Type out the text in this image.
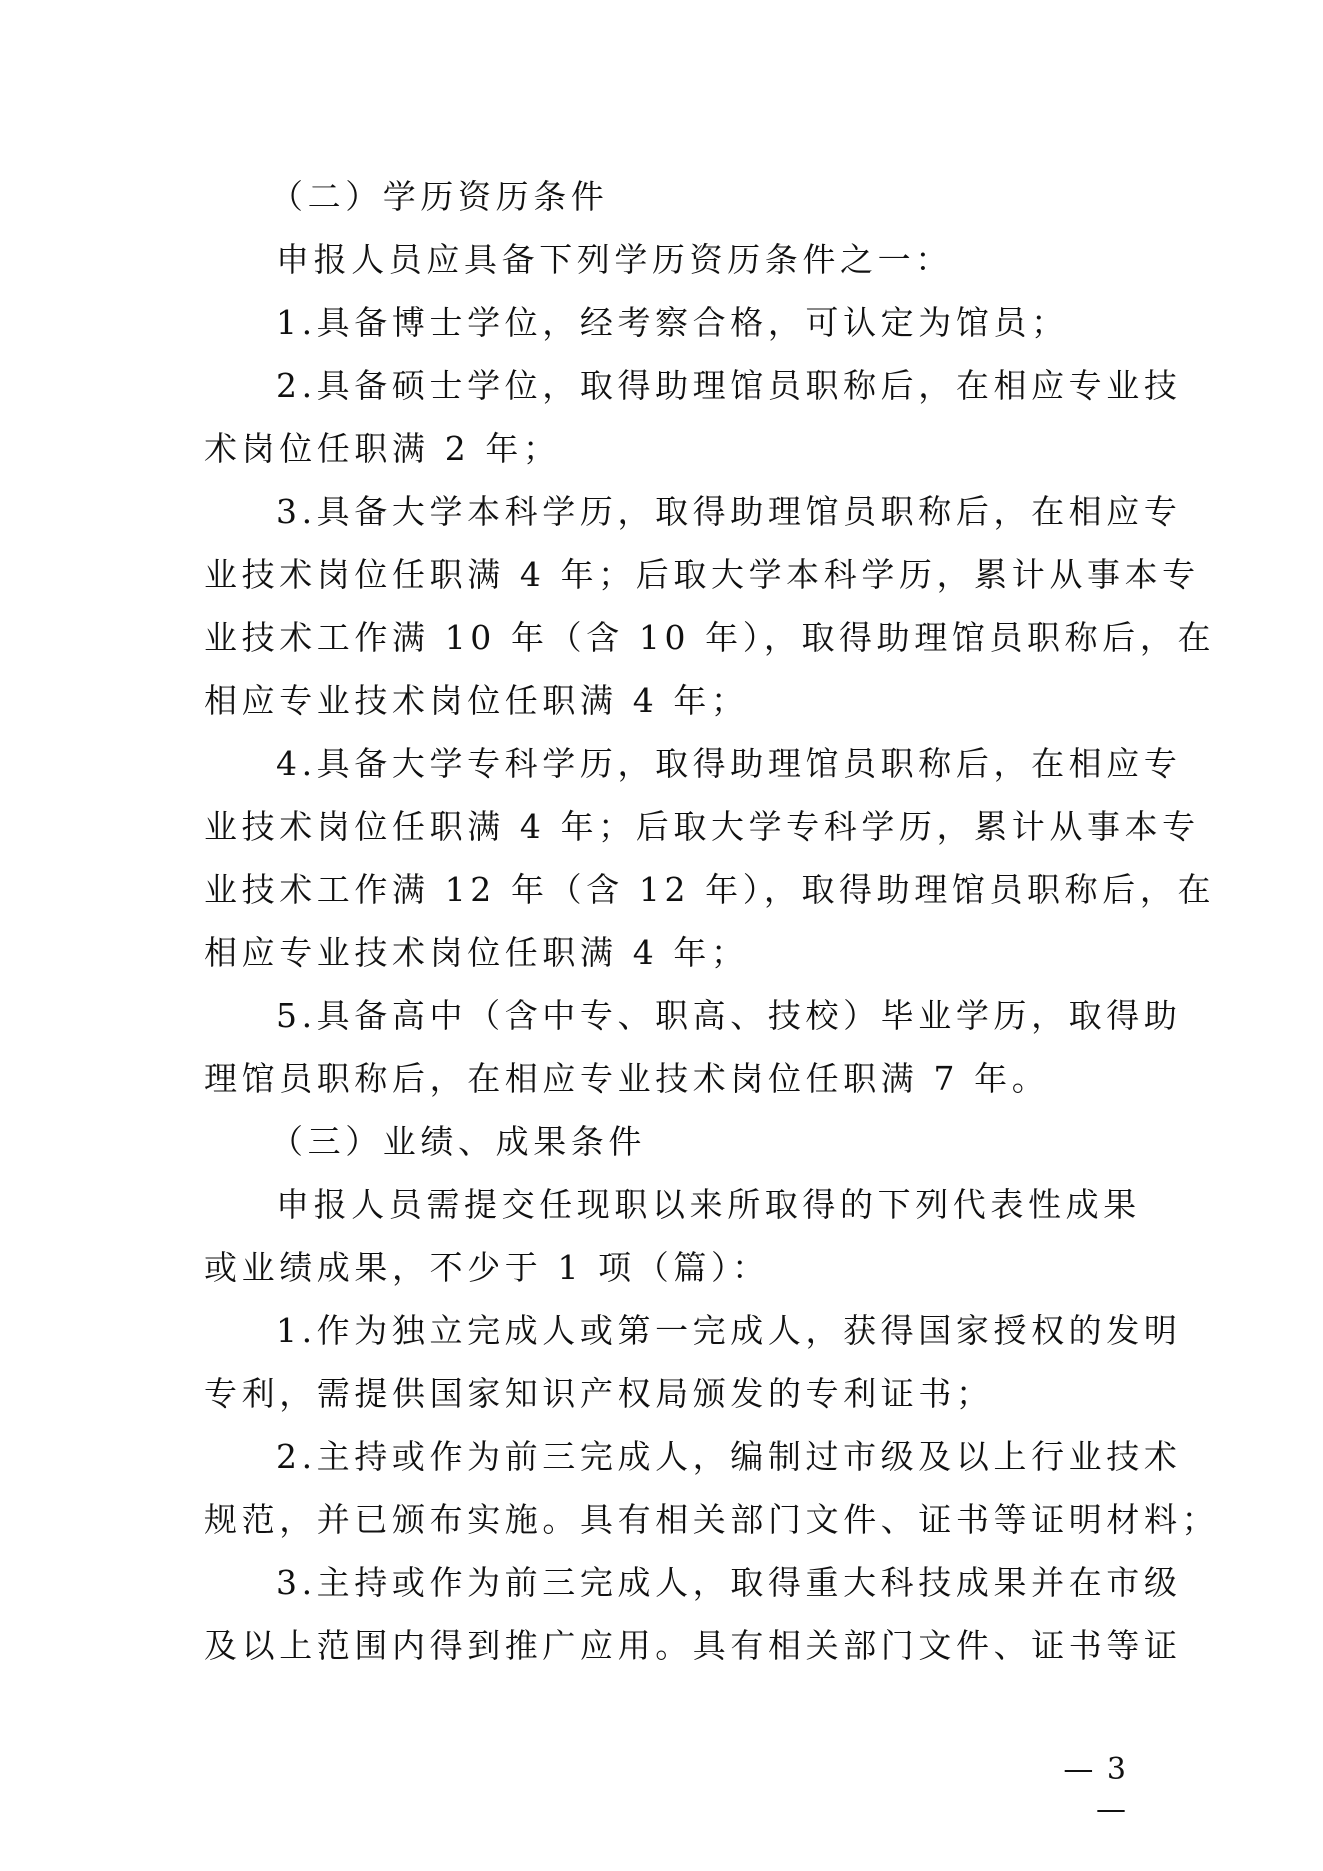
（二）学历资历条件
申报人员应具备下列学历资历条件之一：
1.具备博士学位，经考察合格，可认定为馆员；
2.具备硕士学位，取得助理馆员职称后，在相应专业技
术岗位任职满 2 年；
3.具备大学本科学历，取得助理馆员职称后，在相应专
业技术岗位任职满 4 年；后取大学本科学历，累计从事本专
业技术工作满 10 年（含 10 年），取得助理馆员职称后，在
相应专业技术岗位任职满 4 年；
4.具备大学专科学历，取得助理馆员职称后，在相应专
业技术岗位任职满 4 年；后取大学专科学历，累计从事本专
业技术工作满 12 年（含 12 年），取得助理馆员职称后，在
相应专业技术岗位任职满 4 年；
5.具备高中（含中专、职高、技校）毕业学历，取得助
理馆员职称后，在相应专业技术岗位任职满 7 年。
（三）业绩、成果条件
申报人员需提交任现职以来所取得的下列代表性成果
或业绩成果，不少于 1 项（篇）：
1.作为独立完成人或第一完成人，获得国家授权的发明
专利，需提供国家知识产权局颁发的专利证书；
2.主持或作为前三完成人，编制过市级及以上行业技术
规范，并已颁布实施。具有相关部门文件、证书等证明材料；
3.主持或作为前三完成人，取得重大科技成果并在市级
及以上范围内得到推广应用。具有相关部门文件、证书等证
— 3 —
